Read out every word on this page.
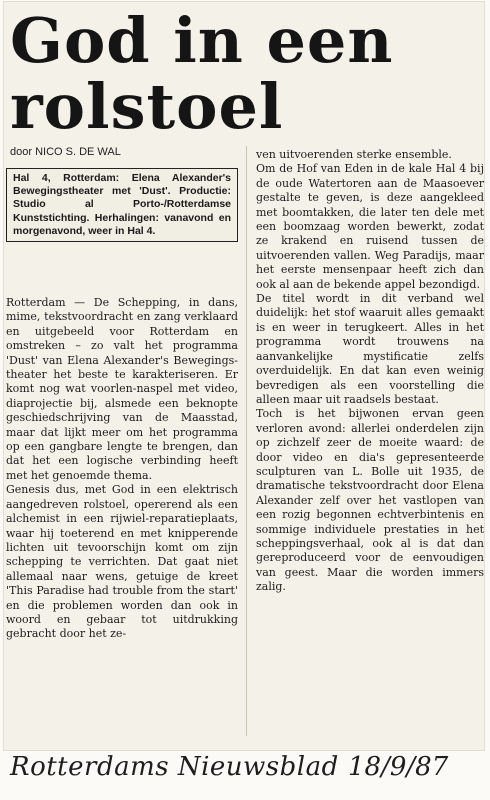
God in een
rolstoel
door NICO S. DE WAL
Hal 4, Rotterdam: Elena Alexander's Bewegingstheater met 'Dust'. Productie: Studio al Porto-/Rotterdamse Kunststichting. Herhalingen: vanavond en morgenavond, weer in Hal 4.

Rotterdam — De Schepping, in dans, mime, tekstvoordracht en zang verklaard en uitgebeeld voor Rotterdam en omstreken – zo valt het programma 'Dust' van Elena Alexander's Bewegings-theater het beste te karakteriseren. Er komt nog wat voorlen-naspel met video, diaprojectie bij, alsmede een beknopte geschiedschrijving van de Maasstad, maar dat lijkt meer om het programma op een gangbare lengte te brengen, dan dat het een logische verbinding heeft met het genoemde thema.

Genesis dus, met God in een elektrisch aangedreven rolstoel, opererend als een alchemist in een rijwiel-reparatieplaats, waar hij toeterend en met knipperende lichten uit tevoorschijn komt om zijn schepping te verrichten. Dat gaat niet allemaal naar wens, getuige de kreet 'This Paradise had trouble from the start' en die problemen worden dan ook in woord en gebaar tot uitdrukking gebracht door het ze-

ven uitvoerenden sterke ensemble.

Om de Hof van Eden in de kale Hal 4 bij de oude Watertoren aan de Maasoever gestalte te geven, is deze aangekleed met boomtakken, die later ten dele met een boomzaag worden bewerkt, zodat ze krakend en ruisend tussen de uitvoerenden vallen. Weg Paradijs, maar het eerste mensenpaar heeft zich dan ook al aan de bekende appel bezondigd.

De titel wordt in dit verband wel duidelijk: het stof waaruit alles gemaakt is en weer in terugkeert. Alles in het programma wordt trouwens na aanvankelijke mystificatie zelfs overduidelijk. En dat kan even weinig bevredigen als een voorstelling die alleen maar uit raadsels bestaat.

Toch is het bijwonen ervan geen verloren avond: allerlei onderdelen zijn op zichzelf zeer de moeite waard: de door video en dia's gepresenteerde sculpturen van L. Bolle uit 1935, de dramatische tekstvoordracht door Elena Alexander zelf over het vastlopen van een rozig begonnen echtverbintenis en sommige individuele prestaties in het scheppingsverhaal, ook al is dat dan gereproduceerd voor de eenvoudigen van geest. Maar die worden immers zalig.

Rotterdams Nieuwsblad 18/9/87
